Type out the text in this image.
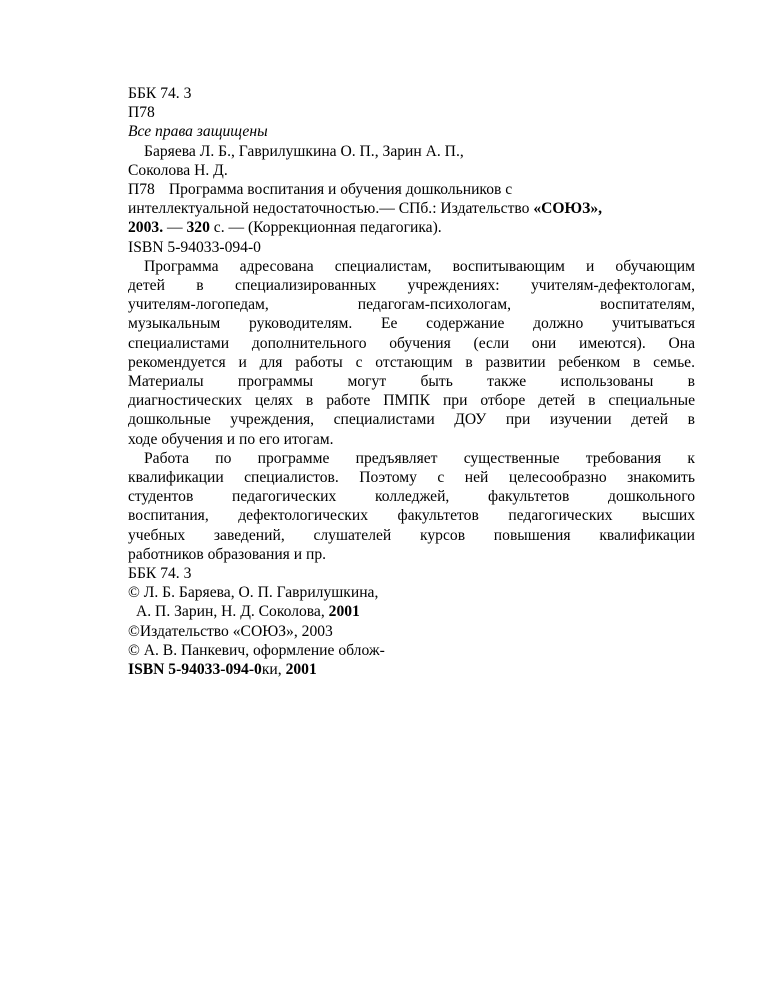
ББК 74. 3
П78
Все права защищены
Баряева Л. Б., Гаврилушкина О. П., Зарин А. П.,
Соколова Н. Д.
П78 Программа воспитания и обучения дошкольников с
интеллектуальной недостаточностью.— СПб.: Издательство «СОЮЗ»,
2003. — 320 с. — (Коррекционная педагогика).
ISBN 5-94033-094-0
Программа адресована специалистам, воспитывающим и обучающим
детей в специализированных учреждениях: учителям-дефектологам,
учителям-логопедам, педагогам-психологам, воспитателям,
музыкальным руководителям. Ее содержание должно учитываться
специалистами дополнительного обучения (если они имеются). Она
рекомендуется и для работы с отстающим в развитии ребенком в семье.
Материалы программы могут быть также использованы в
диагностических целях в работе ПМПК при отборе детей в специальные
дошкольные учреждения, специалистами ДОУ при изучении детей в
ходе обучения и по его итогам.
Работа по программе предъявляет существенные требования к
квалификации специалистов. Поэтому с ней целесообразно знакомить
студентов педагогических колледжей, факультетов дошкольного
воспитания, дефектологических факультетов педагогических высших
учебных заведений, слушателей курсов повышения квалификации
работников образования и пр.
ББК 74. 3
© Л. Б. Баряева, О. П. Гаврилушкина,
А. П. Зарин, Н. Д. Соколова, 2001
©Издательство «СОЮЗ», 2003
© А. В. Панкевич, оформление облож-
ISBN 5-94033-094-0ки, 2001
